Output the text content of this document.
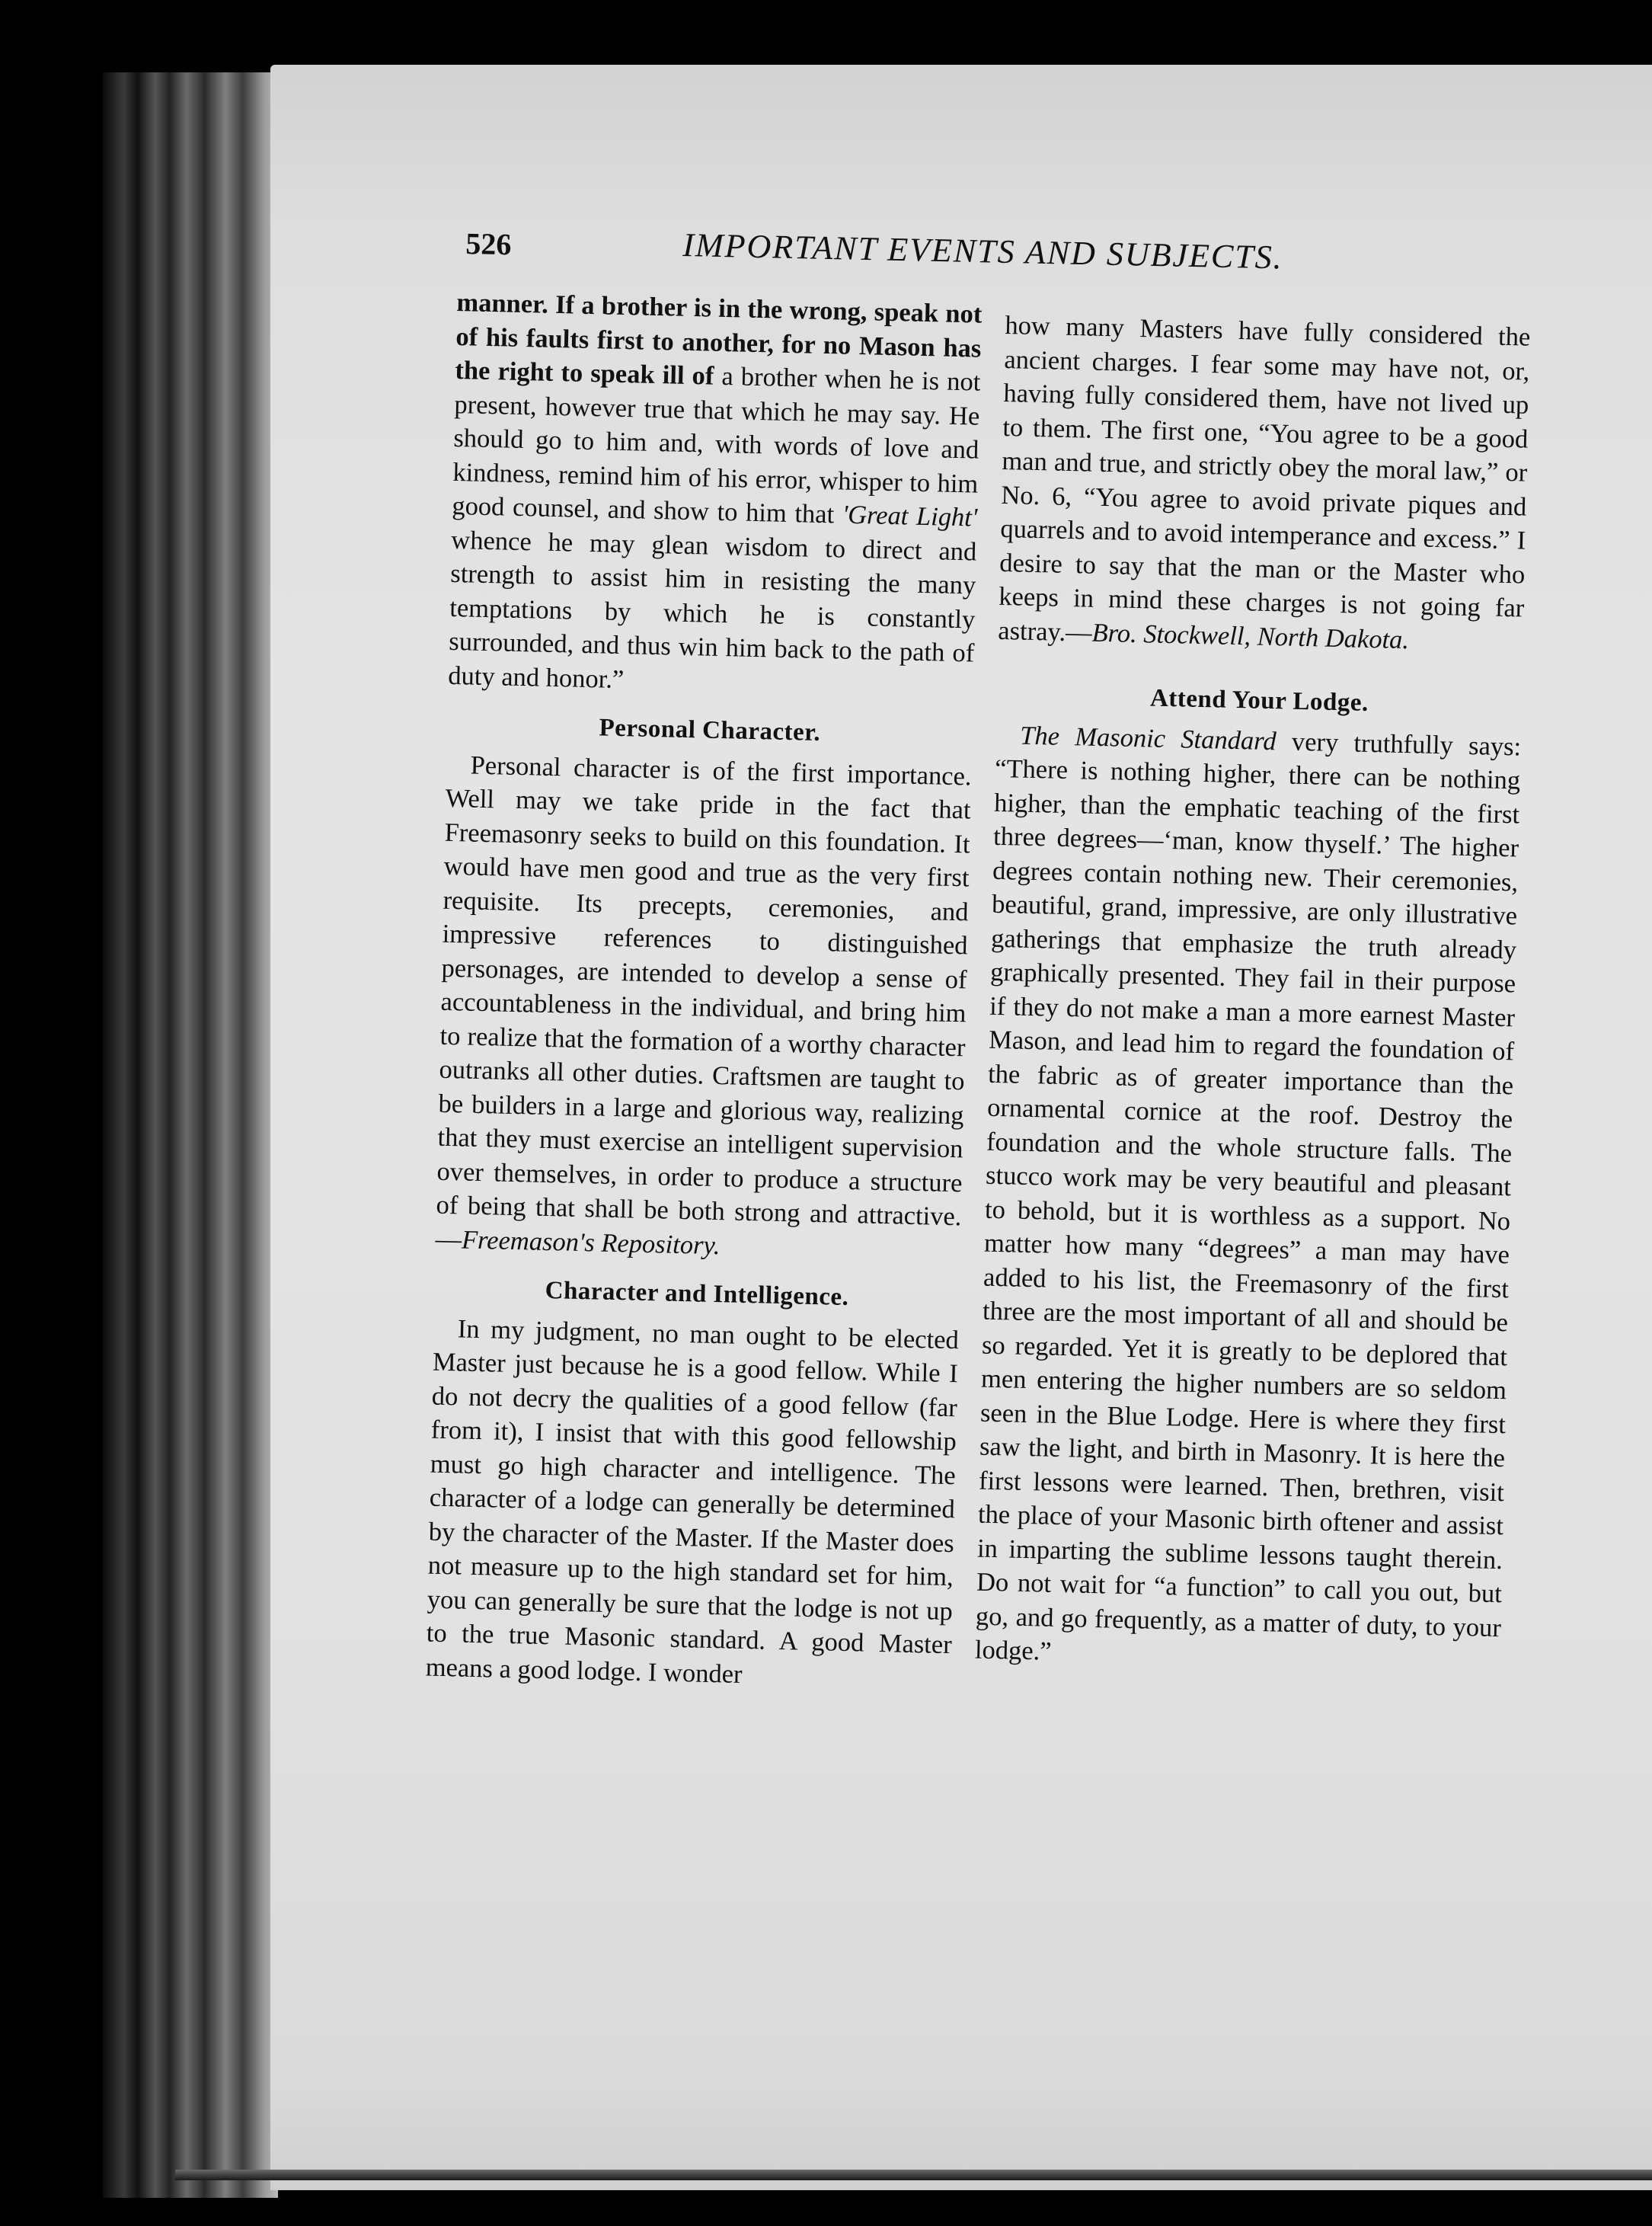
526	IMPORTANT EVENTS AND SUBJECTS.

manner. If a brother is in the wrong, speak not of his faults first to another, for no Mason has the right to speak ill of a brother when he is not present, however true that which he may say. He should go to him and, with words of love and kindness, remind him of his error, whisper to him good counsel, and show to him that 'Great Light' whence he may glean wisdom to direct and strength to assist him in resisting the many temptations by which he is constantly surrounded, and thus win him back to the path of duty and honor.”

Personal Character.

Personal character is of the first importance. Well may we take pride in the fact that Freemasonry seeks to build on this foundation. It would have men good and true as the very first requisite. Its precepts, ceremonies, and impressive references to distinguished personages, are intended to develop a sense of accountableness in the individual, and bring him to realize that the formation of a worthy character outranks all other duties. Craftsmen are taught to be builders in a large and glorious way, realizing that they must exercise an intelligent supervision over themselves, in order to produce a structure of being that shall be both strong and attractive.—Freemason's Repository.

Character and Intelligence.

In my judgment, no man ought to be elected Master just because he is a good fellow. While I do not decry the qualities of a good fellow (far from it), I insist that with this good fellowship must go high character and intelligence. The character of a lodge can generally be determined by the character of the Master. If the Master does not measure up to the high standard set for him, you can generally be sure that the lodge is not up to the true Masonic standard. A good Master means a good lodge. I wonder

how many Masters have fully considered the ancient charges. I fear some may have not, or, having fully considered them, have not lived up to them. The first one, “You agree to be a good man and true, and strictly obey the moral law,” or No. 6, “You agree to avoid private piques and quarrels and to avoid intemperance and excess.” I desire to say that the man or the Master who keeps in mind these charges is not going far astray.—Bro. Stockwell, North Dakota.

Attend Your Lodge.

The Masonic Standard very truthfully says: “There is nothing higher, there can be nothing higher, than the emphatic teaching of the first three degrees—‘man, know thyself.’ The higher degrees contain nothing new. Their ceremonies, beautiful, grand, impressive, are only illustrative gatherings that emphasize the truth already graphically presented. They fail in their purpose if they do not make a man a more earnest Master Mason, and lead him to regard the foundation of the fabric as of greater importance than the ornamental cornice at the roof. Destroy the foundation and the whole structure falls. The stucco work may be very beautiful and pleasant to behold, but it is worthless as a support. No matter how many “degrees” a man may have added to his list, the Freemasonry of the first three are the most important of all and should be so regarded. Yet it is greatly to be deplored that men entering the higher numbers are so seldom seen in the Blue Lodge. Here is where they first saw the light, and birth in Masonry. It is here the first lessons were learned. Then, brethren, visit the place of your Masonic birth oftener and assist in imparting the sublime lessons taught therein. Do not wait for “a function” to call you out, but go, and go frequently, as a matter of duty, to your lodge.”
